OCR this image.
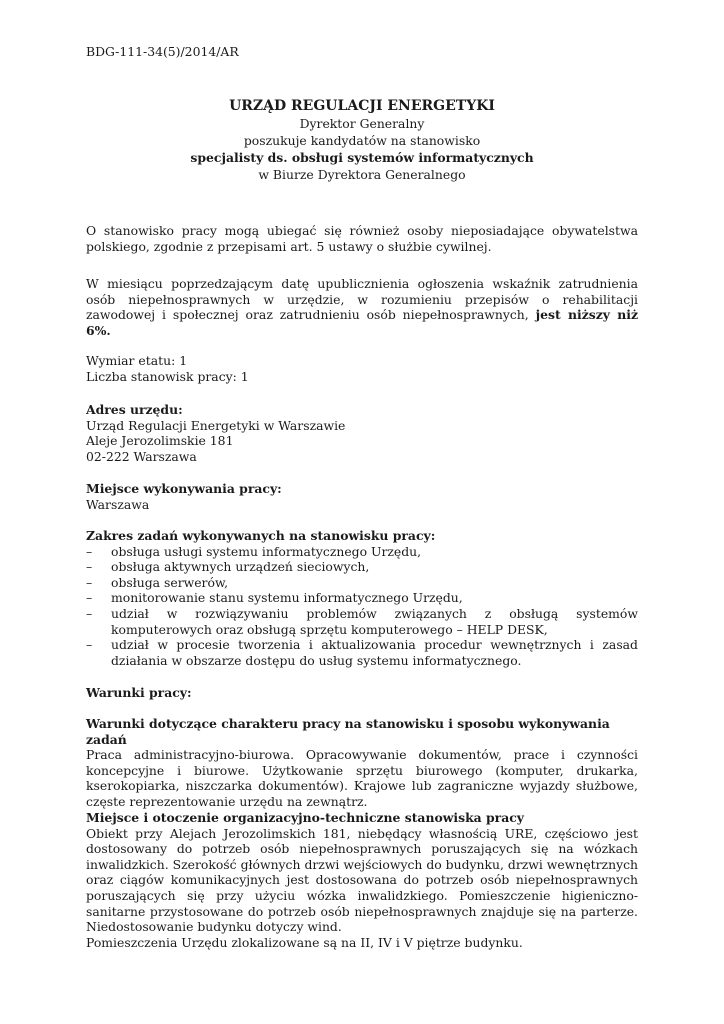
BDG-111-34(5)/2014/AR
URZĄD REGULACJI ENERGETYKI
Dyrektor Generalny
poszukuje kandydatów na stanowisko
specjalisty ds. obsługi systemów informatycznych
w Biurze Dyrektora Generalnego

O stanowisko pracy mogą ubiegać się również osoby nieposiadające obywatelstwa polskiego, zgodnie z przepisami art. 5 ustawy o służbie cywilnej.

W miesiącu poprzedzającym datę upublicznienia ogłoszenia wskaźnik zatrudnienia osób niepełnosprawnych w urzędzie, w rozumieniu przepisów o rehabilitacji zawodowej i społecznej oraz zatrudnieniu osób niepełnosprawnych, jest niższy niż 6%.

Wymiar etatu: 1
Liczba stanowisk pracy: 1
Adres urzędu:
Urząd Regulacji Energetyki w Warszawie
Aleje Jerozolimskie 181
02-222 Warszawa
Miejsce wykonywania pracy:
Warszawa
Zakres zadań wykonywanych na stanowisku pracy:
– obsługa usługi systemu informatycznego Urzędu,
– obsługa aktywnych urządzeń sieciowych,
– obsługa serwerów,
– monitorowanie stanu systemu informatycznego Urzędu,
– udział w rozwiązywaniu problemów związanych z obsługą systemów komputerowych oraz obsługą sprzętu komputerowego – HELP DESK,
– udział w procesie tworzenia i aktualizowania procedur wewnętrznych i zasad działania w obszarze dostępu do usług systemu informatycznego.
Warunki pracy:
Warunki dotyczące charakteru pracy na stanowisku i sposobu wykonywania zadań

Praca administracyjno-biurowa. Opracowywanie dokumentów, prace i czynności koncepcyjne i biurowe. Użytkowanie sprzętu biurowego (komputer, drukarka, kserokopiarka, niszczarka dokumentów). Krajowe lub zagraniczne wyjazdy służbowe, częste reprezentowanie urzędu na zewnątrz.

Miejsce i otoczenie organizacyjno-techniczne stanowiska pracy

Obiekt przy Alejach Jerozolimskich 181, niebędący własnością URE, częściowo jest dostosowany do potrzeb osób niepełnosprawnych poruszających się na wózkach inwalidzkich. Szerokość głównych drzwi wejściowych do budynku, drzwi wewnętrznych oraz ciągów komunikacyjnych jest dostosowana do potrzeb osób niepełnosprawnych poruszających się przy użyciu wózka inwalidzkiego. Pomieszczenie higieniczno-sanitarne przystosowane do potrzeb osób niepełnosprawnych znajduje się na parterze. Niedostosowanie budynku dotyczy wind.

Pomieszczenia Urzędu zlokalizowane są na II, IV i V piętrze budynku.
